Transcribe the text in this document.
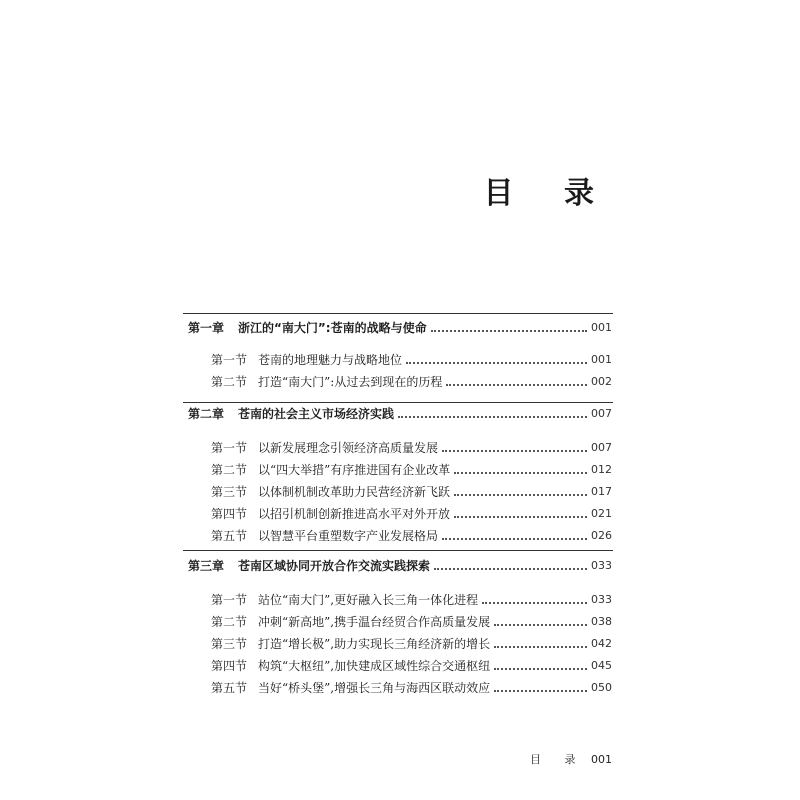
目 录
第一章	浙江的“南大门”:苍南的战略与使命	001
第一节 苍南的地理魅力与战略地位	001
第二节 打造“南大门”:从过去到现在的历程	002
第二章	苍南的社会主义市场经济实践	007
第一节 以新发展理念引领经济高质量发展	007
第二节 以“四大举措”有序推进国有企业改革	012
第三节 以体制机制改革助力民营经济新飞跃	017
第四节 以招引机制创新推进高水平对外开放	021
第五节 以智慧平台重塑数字产业发展格局	026
第三章	苍南区域协同开放合作交流实践探索	033
第一节 站位“南大门”,更好融入长三角一体化进程	033
第二节 冲刺“新高地”,携手温台经贸合作高质量发展	038
第三节 打造“增长极”,助力实现长三角经济新的增长	042
第四节 构筑“大枢纽”,加快建成区域性综合交通枢纽	045
第五节 当好“桥头堡”,增强长三角与海西区联动效应	050
目 录 001
